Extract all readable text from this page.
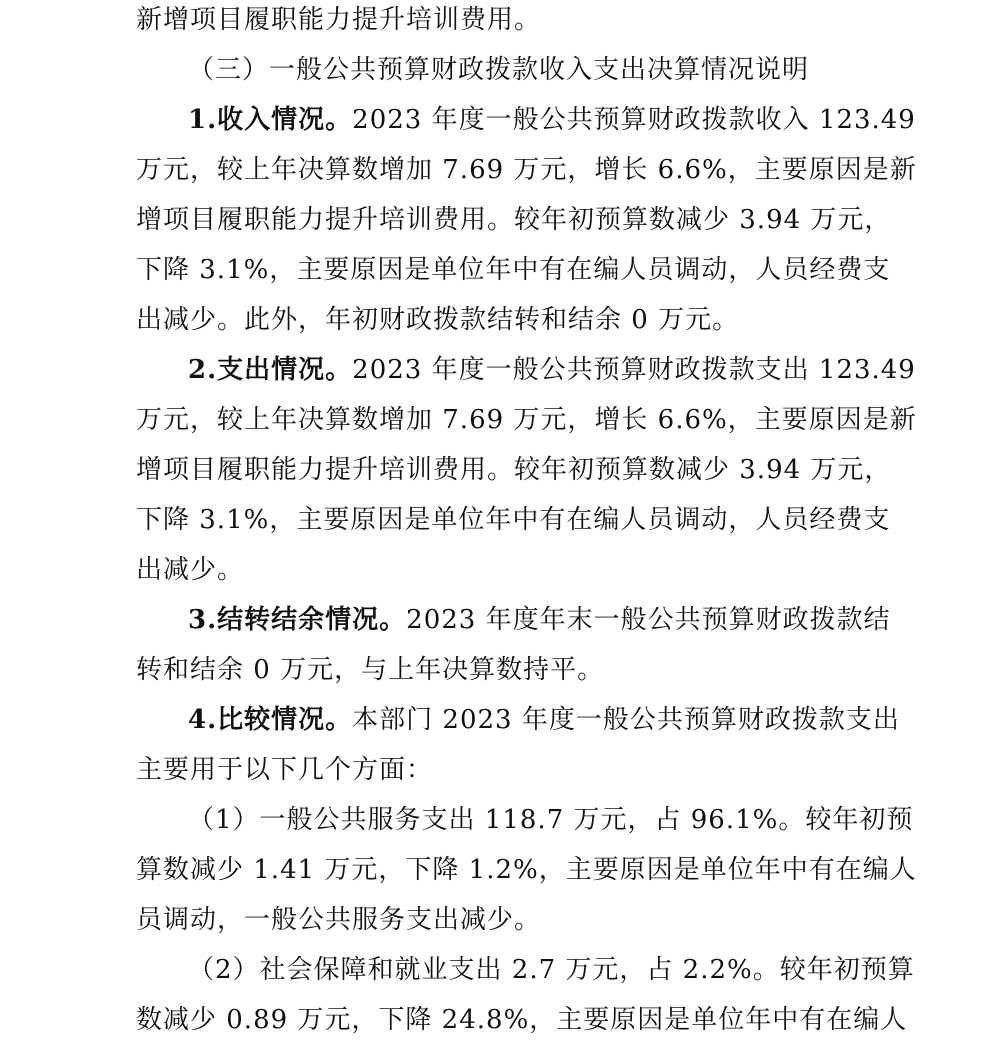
新增项目履职能力提升培训费用。
（三）一般公共预算财政拨款收入支出决算情况说明
1.收入情况。2023 年度一般公共预算财政拨款收入 123.49
万元，较上年决算数增加 7.69 万元，增长 6.6%，主要原因是新
增项目履职能力提升培训费用。较年初预算数减少 3.94 万元，
下降 3.1%，主要原因是单位年中有在编人员调动，人员经费支
出减少。此外，年初财政拨款结转和结余 0 万元。
2.支出情况。2023 年度一般公共预算财政拨款支出 123.49
万元，较上年决算数增加 7.69 万元，增长 6.6%，主要原因是新
增项目履职能力提升培训费用。较年初预算数减少 3.94 万元，
下降 3.1%，主要原因是单位年中有在编人员调动，人员经费支
出减少。
3.结转结余情况。2023 年度年末一般公共预算财政拨款结
转和结余 0 万元，与上年决算数持平。
4.比较情况。本部门 2023 年度一般公共预算财政拨款支出
主要用于以下几个方面：
（1）一般公共服务支出 118.7 万元，占 96.1%。较年初预
算数减少 1.41 万元，下降 1.2%，主要原因是单位年中有在编人
员调动，一般公共服务支出减少。
（2）社会保障和就业支出 2.7 万元，占 2.2%。较年初预算
数减少 0.89 万元，下降 24.8%，主要原因是单位年中有在编人
